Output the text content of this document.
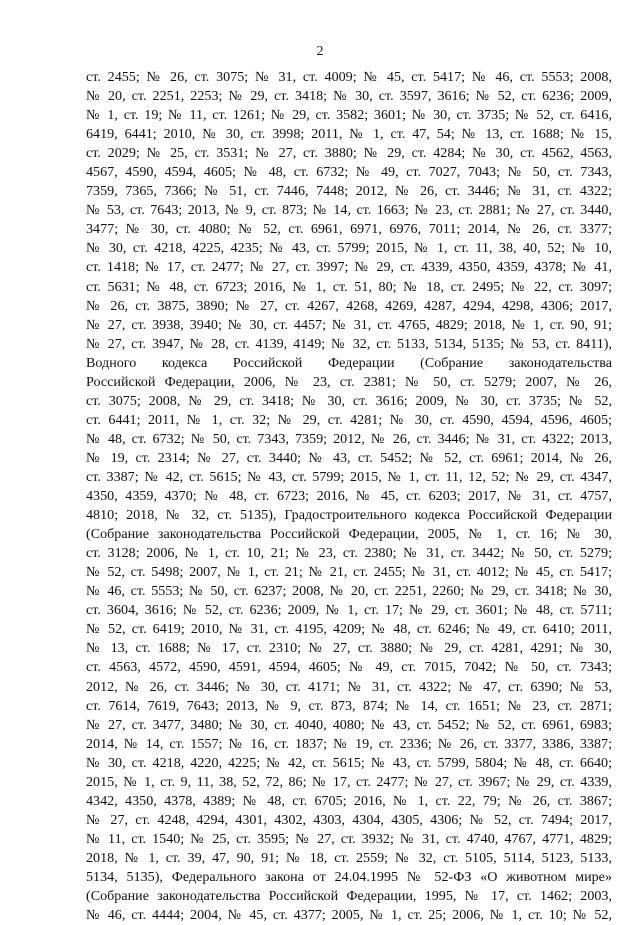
2
ст. 2455; № 26, ст. 3075; № 31, ст. 4009; № 45, ст. 5417; № 46, ст. 5553; 2008,
№ 20, ст. 2251, 2253; № 29, ст. 3418; № 30, ст. 3597, 3616; № 52, ст. 6236; 2009,
№ 1, ст. 19; № 11, ст. 1261; № 29, ст. 3582; 3601; № 30, ст. 3735; № 52, ст. 6416,
6419, 6441; 2010, № 30, ст. 3998; 2011, № 1, ст. 47, 54; № 13, ст. 1688; № 15,
ст. 2029; № 25, ст. 3531; № 27, ст. 3880; № 29, ст. 4284; № 30, ст. 4562, 4563,
4567, 4590, 4594, 4605; № 48, ст. 6732; № 49, ст. 7027, 7043; № 50, ст. 7343,
7359, 7365, 7366; № 51, ст. 7446, 7448; 2012, № 26, ст. 3446; № 31, ст. 4322;
№ 53, ст. 7643; 2013, № 9, ст. 873; № 14, ст. 1663; № 23, ст. 2881; № 27, ст. 3440,
3477; № 30, ст. 4080; № 52, ст. 6961, 6971, 6976, 7011; 2014, № 26, ст. 3377;
№ 30, ст. 4218, 4225, 4235; № 43, ст. 5799; 2015, № 1, ст. 11, 38, 40, 52; № 10,
ст. 1418; № 17, ст. 2477; № 27, ст. 3997; № 29, ст. 4339, 4350, 4359, 4378; № 41,
ст. 5631; № 48, ст. 6723; 2016, № 1, ст. 51, 80; № 18, ст. 2495; № 22, ст. 3097;
№ 26, ст. 3875, 3890; № 27, ст. 4267, 4268, 4269, 4287, 4294, 4298, 4306; 2017,
№ 27, ст. 3938, 3940; № 30, ст. 4457; № 31, ст. 4765, 4829; 2018, № 1, ст. 90, 91;
№ 27, ст. 3947, № 28, ст. 4139, 4149; № 32, ст. 5133, 5134, 5135; № 53, ст. 8411),
Водного кодекса Российской Федерации (Собрание законодательства
Российской Федерации, 2006, № 23, ст. 2381; № 50, ст. 5279; 2007, № 26,
ст. 3075; 2008, № 29, ст. 3418; № 30, ст. 3616; 2009, № 30, ст. 3735; № 52,
ст. 6441; 2011, № 1, ст. 32; № 29, ст. 4281; № 30, ст. 4590, 4594, 4596, 4605;
№ 48, ст. 6732; № 50, ст. 7343, 7359; 2012, № 26, ст. 3446; № 31, ст. 4322; 2013,
№ 19, ст. 2314; № 27, ст. 3440; № 43, ст. 5452; № 52, ст. 6961; 2014, № 26,
ст. 3387; № 42, ст. 5615; № 43, ст. 5799; 2015, № 1, ст. 11, 12, 52; № 29, ст. 4347,
4350, 4359, 4370; № 48, ст. 6723; 2016, № 45, ст. 6203; 2017, № 31, ст. 4757,
4810; 2018, № 32, ст. 5135), Градостроительного кодекса Российской Федерации
(Собрание законодательства Российской Федерации, 2005, № 1, ст. 16; № 30,
ст. 3128; 2006, № 1, ст. 10, 21; № 23, ст. 2380; № 31, ст. 3442; № 50, ст. 5279;
№ 52, ст. 5498; 2007, № 1, ст. 21; № 21, ст. 2455; № 31, ст. 4012; № 45, ст. 5417;
№ 46, ст. 5553; № 50, ст. 6237; 2008, № 20, ст. 2251, 2260; № 29, ст. 3418; № 30,
ст. 3604, 3616; № 52, ст. 6236; 2009, № 1, ст. 17; № 29, ст. 3601; № 48, ст. 5711;
№ 52, ст. 6419; 2010, № 31, ст. 4195, 4209; № 48, ст. 6246; № 49, ст. 6410; 2011,
№ 13, ст. 1688; № 17, ст. 2310; № 27, ст. 3880; № 29, ст. 4281, 4291; № 30,
ст. 4563, 4572, 4590, 4591, 4594, 4605; № 49, ст. 7015, 7042; № 50, ст. 7343;
2012, № 26, ст. 3446; № 30, ст. 4171; № 31, ст. 4322; № 47, ст. 6390; № 53,
ст. 7614, 7619, 7643; 2013, № 9, ст. 873, 874; № 14, ст. 1651; № 23, ст. 2871;
№ 27, ст. 3477, 3480; № 30, ст. 4040, 4080; № 43, ст. 5452; № 52, ст. 6961, 6983;
2014, № 14, ст. 1557; № 16, ст. 1837; № 19, ст. 2336; № 26, ст. 3377, 3386, 3387;
№ 30, ст. 4218, 4220, 4225; № 42, ст. 5615; № 43, ст. 5799, 5804; № 48, ст. 6640;
2015, № 1, ст. 9, 11, 38, 52, 72, 86; № 17, ст. 2477; № 27, ст. 3967; № 29, ст. 4339,
4342, 4350, 4378, 4389; № 48, ст. 6705; 2016, № 1, ст. 22, 79; № 26, ст. 3867;
№ 27, ст. 4248, 4294, 4301, 4302, 4303, 4304, 4305, 4306; № 52, ст. 7494; 2017,
№ 11, ст. 1540; № 25, ст. 3595; № 27, ст. 3932; № 31, ст. 4740, 4767, 4771, 4829;
2018, № 1, ст. 39, 47, 90, 91; № 18, ст. 2559; № 32, ст. 5105, 5114, 5123, 5133,
5134, 5135), Федерального закона от 24.04.1995 № 52-ФЗ «О животном мире»
(Собрание законодательства Российской Федерации, 1995, № 17, ст. 1462; 2003,
№ 46, ст. 4444; 2004, № 45, ст. 4377; 2005, № 1, ст. 25; 2006, № 1, ст. 10; № 52,
